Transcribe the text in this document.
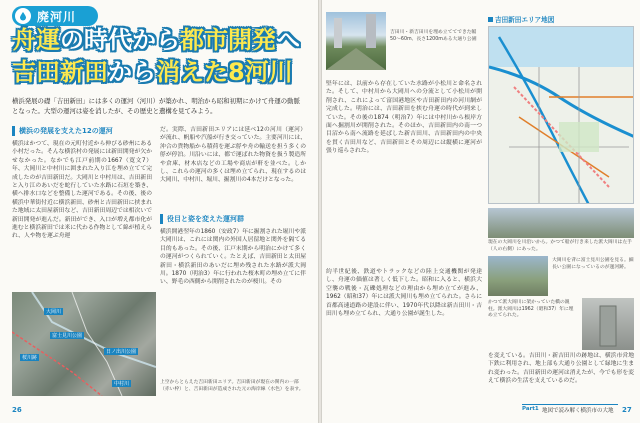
廃河川
舟運の時代から都市開発へ
吉田新田から消えた8河川
横浜発展の礎「吉田新田」には多くの運河（河川）が築かれ、明治から昭和初期にかけて舟運の動脈となった。大型の運河は姿を消したが、その歴史と遺構を見てみよう。
横浜の発展を支えた12の運河
横浜はかつて、現在の元町付近から伸びる砂州にある小村だった。そんな横浜村の発展には新田開発が欠かせなかった。なかでも江戸前期の1667（寛文7）年、大岡川と中村川に囲まれた入り江を埋め立てて完成したのが吉田新田だ。大岡川と中村川は、吉田新田と入り江のあいだを蛇行していた水路に石垣を築き、横へ排水口などを整備した運河である。その後、後の横浜中華街付近に横浜新田、砂州と吉田新田に挟まれた地域に太田屋新田など、吉田新田周辺では相次いで新田開発が進んだ。新田ができ、入口が増え都市化が進むと横浜新田では米に代わる作物として綿が植えられ、人や物を運ぶ舟運
だ。実際、吉田新田エリアには延べ12の河川（運河）が流れ、帆船や汽船が行き交っていた。主要河川には、沖合の貨物船から積荷を運ぶ艀や舟の輸送を担う多くの艀が停泊。川沿いには、都で運ばれた物資を扱う製造所や倉庫、材木店などの工場や商店が軒を並べた。しかし、これらの運河の多くは埋め立てられ、現在するのは大岡川、中村川、堀川、掘割川の4本だけとなった。
役目と姿を変えた運河群
横浜開港翌年の1860（安政7）年に掘割された堀川や派大岡川は、これには関内の外国人居留地と関外を隔てる目的もあった。その後、江戸末期から明治にかけて多くの運河がつくられていく。たとえば、吉田新田と太田屋新田・横浜新田のあいだに埋め残された水路が派大岡川。1870（明治3）年に行われた桜木町の埋め立てに伴い、野毛の西側から開削されたのが桜川。その
大岡川
富士見川公園
桜川跡
日ノ出川公園
中村川	上空からとらえた吉田新田エリア。吉田新田が現在の関内の一部（赤い枠）と、吉田新田が造成された元の海岸線（水色）を表す。
26
吉田川・新吉田川を埋め立ててできた幅50〜60m、長さ1200mある大通り公園
吉田新田エリア地図
現在の大岡川を川沿いから。かつて船が行き来した派大岡川は左手（人の右側）にあった。
大岡川を背に富士見川公園を見る。細長い公園になっているのが運河跡。
かつて派大岡川に架かっていた橋の親柱。派大岡川は1962（昭和37）年に埋め立てられた。
堅年には、以前から存在していた水路が小松川と命名された。そして、中村川から大岡川への分流として小松川が開削され、これによって富国港地区や吉田新田内の河川網が完成した。明治には、吉田新田を挟む舟運の時代が到来していた。その後の1874（明治7）年には中村川から根岸方面へ掘割川が開削された。そのほか、吉田新田内の南一つ目沼から南へ流路を延ばした新吉田川、吉田新田内の中央を貫く吉田川など、吉田新田とその周辺には縦横に運河が張り巡らされた。
約半世紀後、鉄道やトラックなどの陸上交通機関が発達し、舟運の価値は著しく低下した。昭和に入ると、横浜大空襲の戦後・瓦礫処理などの理由から埋め立てが進み、1962（昭和37）年には派大岡川も埋め立てられた。さらに首都高速道路の建設に伴い、1970年代以降は新吉田川・吉田川も埋め立てられ、大通り公園が誕生した。
を変えている。吉田川・新吉田川の跡地は、横浜市営地下鉄に利用され、地上部も大通り公園として緑地に生まれ変わった。吉田新田の運河は消えたが、今でも形を変えて横浜の生活を支えているのだ。
Part1 地図で読み解く横浜市の大地 27
